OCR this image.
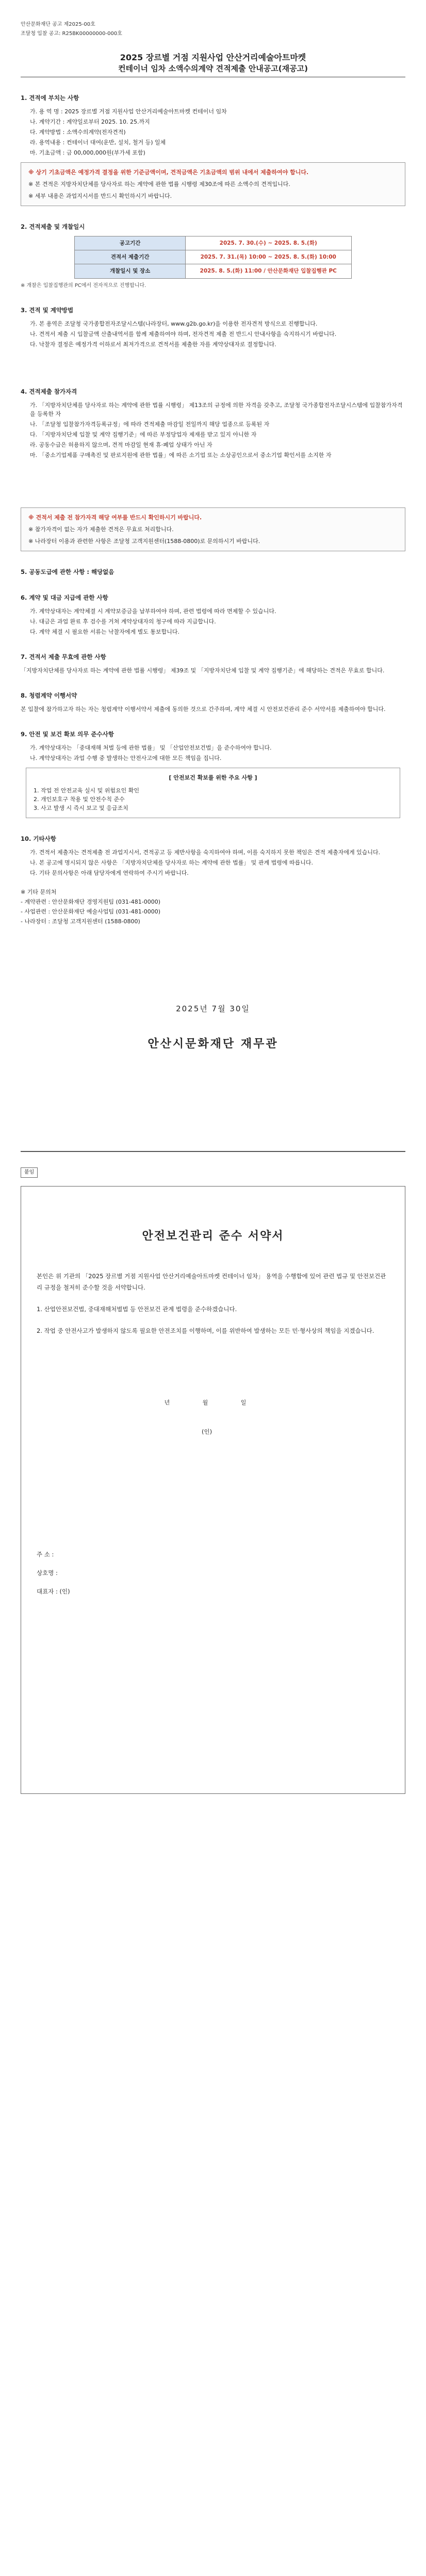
안산문화재단 공고 제2025-00호
조달청 입찰 공고: R25BK00000000-000호
2025 장르별 거점 지원사업 안산거리예술아트마켓
컨테이너 임차 소액수의계약 견적제출 안내공고(재공고)
1. 견적에 부치는 사항
가. 용 역 명 : 2025 장르별 거점 지원사업 안산거리예술아트마켓 컨테이너 임차
나. 계약기간 : 계약일로부터 2025. 10. 25.까지
다. 계약방법 : 소액수의계약(전자견적)
라. 용역내용 : 컨테이너 대여(운반, 설치, 철거 등) 일체
마. 기초금액 : 금 00,000,000원(부가세 포함)

※ 상기 기초금액은 예정가격 결정을 위한 기준금액이며, 견적금액은 기초금액의 범위 내에서 제출하여야 합니다.

※ 본 견적은 지방자치단체를 당사자로 하는 계약에 관한 법률 시행령 제30조에 따른 소액수의 견적입니다.

※ 세부 내용은 과업지시서를 반드시 확인하시기 바랍니다.

2. 견적제출 및 개찰일시
공고기간	2025. 7. 30.(수) ~ 2025. 8. 5.(화)
견적서 제출기간	2025. 7. 31.(목) 10:00 ~ 2025. 8. 5.(화) 10:00
개찰일시 및 장소	2025. 8. 5.(화) 11:00 / 안산문화재단 입찰집행관 PC

※ 개찰은 입찰집행관의 PC에서 전자적으로 진행합니다.

3. 견적 및 계약방법
가. 본 용역은 조달청 국가종합전자조달시스템(나라장터, www.g2b.go.kr)을 이용한 전자견적 방식으로 진행합니다.
나. 견적서 제출 시 입찰금액 산출내역서를 함께 제출하여야 하며, 전자견적 제출 전 반드시 안내사항을 숙지하시기 바랍니다.
다. 낙찰자 결정은 예정가격 이하로서 최저가격으로 견적서를 제출한 자를 계약상대자로 결정합니다.
4. 견적제출 참가자격
가. 「지방자치단체를 당사자로 하는 계약에 관한 법률 시행령」 제13조의 규정에 의한 자격을 갖추고, 조달청 국가종합전자조달시스템에 입찰참가자격을 등록한 자
나. 「조달청 입찰참가자격등록규정」에 따라 견적제출 마감일 전일까지 해당 업종으로 등록된 자
다. 「지방자치단체 입찰 및 계약 집행기준」에 따른 부정당업자 제재를 받고 있지 아니한 자
라. 공동수급은 허용하지 않으며, 견적 마감일 현재 휴·폐업 상태가 아닌 자
마. 「중소기업제품 구매촉진 및 판로지원에 관한 법률」에 따른 소기업 또는 소상공인으로서 중소기업 확인서를 소지한 자

※ 견적서 제출 전 참가자격 해당 여부를 반드시 확인하시기 바랍니다.

※ 참가자격이 없는 자가 제출한 견적은 무효로 처리합니다.

※ 나라장터 이용과 관련한 사항은 조달청 고객지원센터(1588-0800)로 문의하시기 바랍니다.

5. 공동도급에 관한 사항 : 해당없음
6. 계약 및 대금 지급에 관한 사항
가. 계약상대자는 계약체결 시 계약보증금을 납부하여야 하며, 관련 법령에 따라 면제할 수 있습니다.
나. 대금은 과업 완료 후 검수를 거쳐 계약상대자의 청구에 따라 지급합니다.
다. 계약 체결 시 필요한 서류는 낙찰자에게 별도 통보합니다.
7. 견적서 제출 무효에 관한 사항

「지방자치단체를 당사자로 하는 계약에 관한 법률 시행령」 제39조 및 「지방자치단체 입찰 및 계약 집행기준」에 해당하는 견적은 무효로 합니다.

8. 청렴계약 이행서약

본 입찰에 참가하고자 하는 자는 청렴계약 이행서약서 제출에 동의한 것으로 간주하며, 계약 체결 시 안전보건관리 준수 서약서를 제출하여야 합니다.

9. 안전 및 보건 확보 의무 준수사항
가. 계약상대자는 「중대재해 처벌 등에 관한 법률」 및 「산업안전보건법」을 준수하여야 합니다.
나. 계약상대자는 과업 수행 중 발생하는 안전사고에 대한 모든 책임을 집니다.
[ 안전보건 확보를 위한 주요 사항 ]
1. 작업 전 안전교육 실시 및 위험요인 확인
2. 개인보호구 착용 및 안전수칙 준수
3. 사고 발생 시 즉시 보고 및 응급조치
10. 기타사항
가. 견적서 제출자는 견적제출 전 과업지시서, 견적공고 등 제반사항을 숙지하여야 하며, 이를 숙지하지 못한 책임은 견적 제출자에게 있습니다.
나. 본 공고에 명시되지 않은 사항은 「지방자치단체를 당사자로 하는 계약에 관한 법률」 및 관계 법령에 따릅니다.
다. 기타 문의사항은 아래 담당자에게 연락하여 주시기 바랍니다.
※ 기타 문의처
- 계약관련 : 안산문화재단 경영지원팀 (031-481-0000)
- 사업관련 : 안산문화재단 예술사업팀 (031-481-0000)
- 나라장터 : 조달청 고객지원센터 (1588-0800)
2025년 7월 30일
안산시문화재단 재무관
붙임
안전보건관리 준수 서약서

본인은 위 기관의 「2025 장르별 거점 지원사업 안산거리예술아트마켓 컨테이너 임차」 용역을 수행함에 있어 관련 법규 및 안전보건관리 규정을 철저히 준수할 것을 서약합니다.

1. 산업안전보건법, 중대재해처벌법 등 안전보건 관계 법령을 준수하겠습니다.

2. 작업 중 안전사고가 발생하지 않도록 필요한 안전조치를 이행하며, 이를 위반하여 발생하는 모든 민·형사상의 책임을 지겠습니다.

년 월 일
(인)
주 소 :
상호명 :
대표자 : (인)
